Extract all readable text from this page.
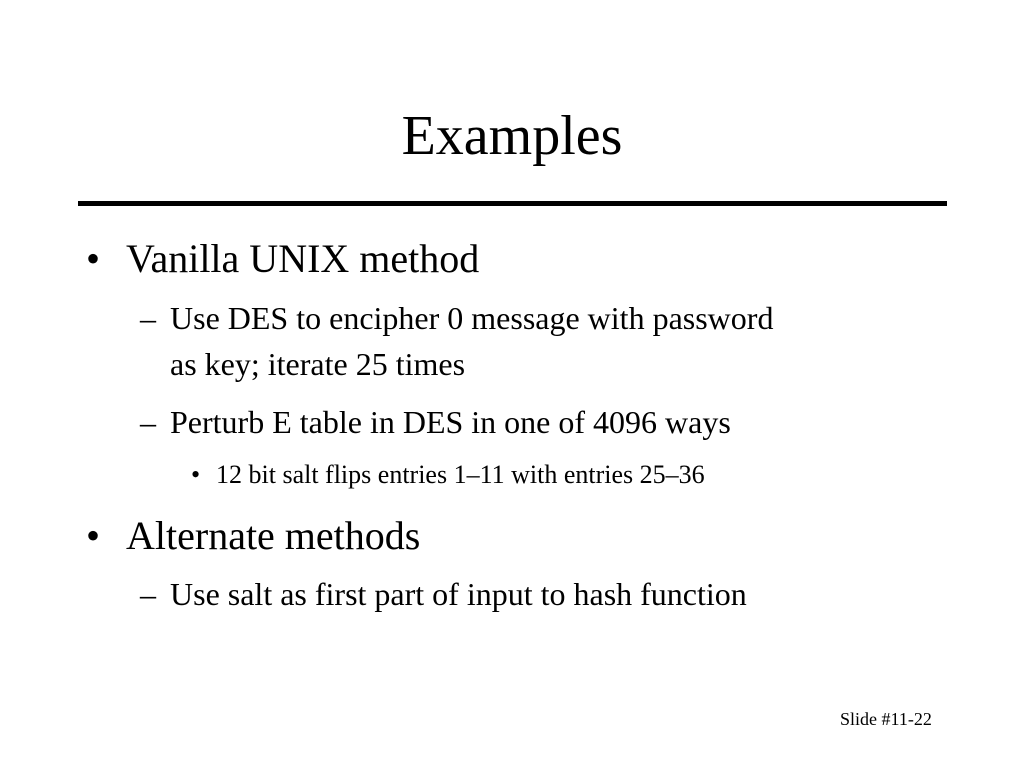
Examples
• Vanilla UNIX method
– Use DES to encipher 0 message with password
as key; iterate 25 times
– Perturb E table in DES in one of 4096 ways
• 12 bit salt flips entries 1–11 with entries 25–36
• Alternate methods
– Use salt as first part of input to hash function
Slide #11-22
